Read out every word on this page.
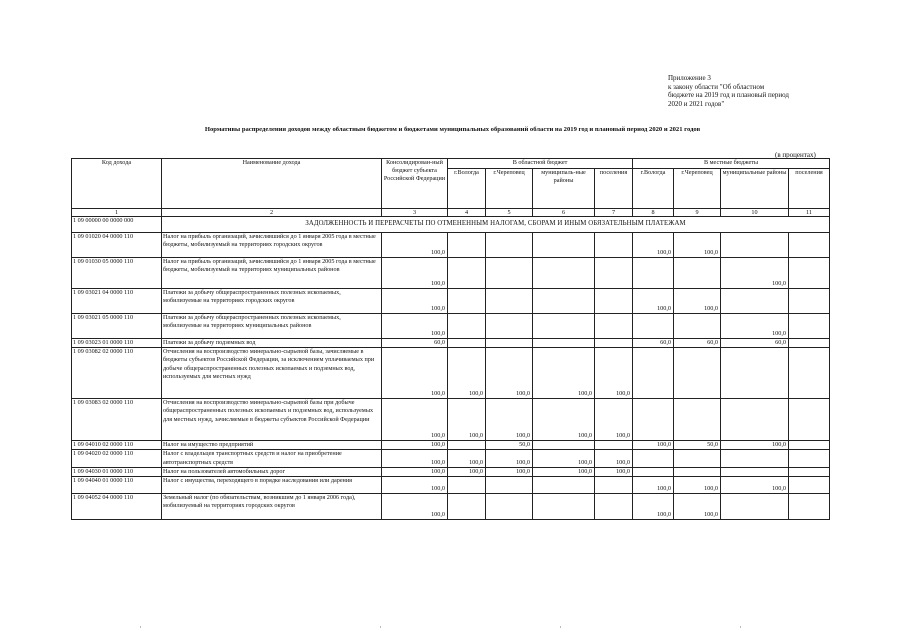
Приложение 3
к закону области "Об областном
бюджете на 2019 год и плановый период
2020 и 2021 годов"
Нормативы распределения доходов между областным бюджетом и бюджетами муниципальных образований области на 2019 год и плановый период 2020 и 2021 годов
(в процентах)
Код дохода	Наименование дохода	Консолидирован-ный бюджет субъекта Российской Федерации	В областной бюджет				В местные бюджеты			
			г.Вологда	г.Череповец	муниципаль-ные районы	поселения	г.Вологда	г.Череповец	муниципальные районы	поселения
1	2	3	4	5	6	7	8	9	10	11
1 09 00000 00 0000 000	ЗАДОЛЖЕННОСТЬ И ПЕРЕРАСЧЕТЫ ПО ОТМЕНЕННЫМ НАЛОГАМ, СБОРАМ И ИНЫМ ОБЯЗАТЕЛЬНЫМ ПЛАТЕЖАМ									
1 09 01020 04 0000 110	Налог на прибыль организаций, зачислявшийся до 1 января 2005 года в местные бюджеты, мобилизуемый на территориях городских округов	100,0					100,0	100,0		
1 09 01030 05 0000 110	Налог на прибыль организаций, зачислявшийся до 1 января 2005 года в местные бюджеты, мобилизуемый на территориях муниципальных районов	100,0							100,0	
1 09 03021 04 0000 110	Платежи за добычу общераспространенных полезных ископаемых, мобилизуемые на территориях городских округов	100,0					100,0	100,0		
1 09 03021 05 0000 110	Платежи за добычу общераспространенных полезных ископаемых, мобилизуемые на территориях муниципальных районов	100,0							100,0	
1 09 03023 01 0000 110	Платежи за добычу подземных вод	60,0					60,0	60,0	60,0	
1 09 03082 02 0000 110	Отчисления на воспроизводство минерально-сырьевой базы, зачисляемые в бюджеты субъектов Российской Федерации, за исключением уплачиваемых при добыче общераспространенных полезных ископаемых и подземных вод, используемых для местных нужд	100,0	100,0	100,0	100,0	100,0				
1 09 03083 02 0000 110	Отчисления на воспроизводство минерально-сырьевой базы при добыче общераспространенных полезных ископаемых и подземных вод, используемых для местных нужд, зачисляемые в бюджеты субъектов Российской Федерации	100,0	100,0	100,0	100,0	100,0				
1 09 04010 02 0000 110	Налог на имущество предприятий	100,0		50,0			100,0	50,0	100,0	
1 09 04020 02 0000 110	Налог с владельцев транспортных средств и налог на приобретение автотранспортных средств	100,0	100,0	100,0	100,0	100,0				
1 09 04030 01 0000 110	Налог на пользователей автомобильных дорог	100,0	100,0	100,0	100,0	100,0				
1 09 04040 01 0000 110	Налог с имущества, переходящего в порядке наследования или дарения	100,0					100,0	100,0	100,0	
1 09 04052 04 0000 110	Земельный налог (по обязательствам, возникшим до 1 января 2006 года), мобилизуемый на территориях городских округов	100,0					100,0	100,0		
